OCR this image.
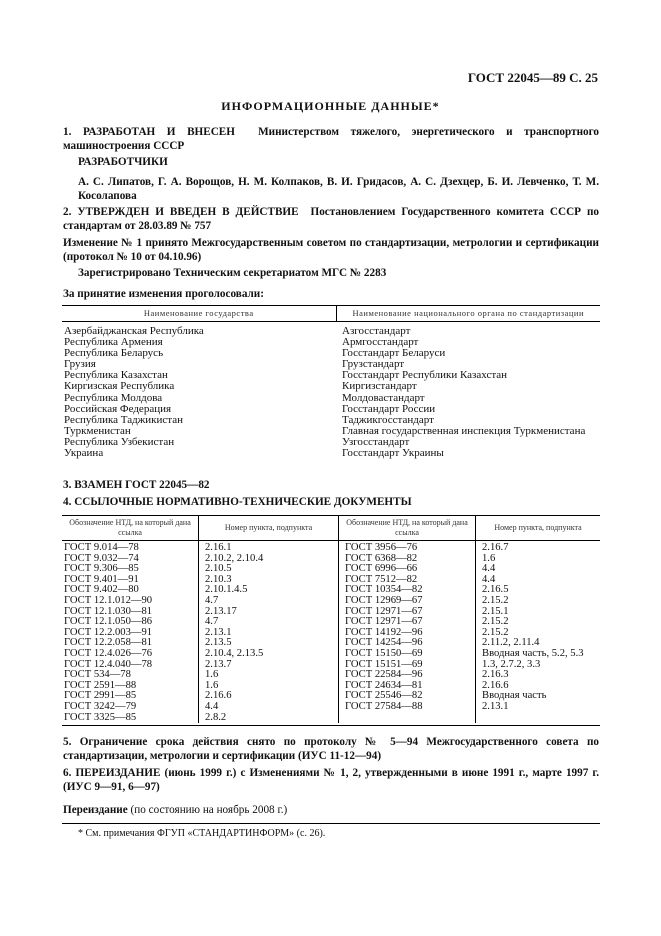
ГОСТ 22045—89 С. 25
ИНФОРМАЦИОННЫЕ ДАННЫЕ*
1. РАЗРАБОТАН И ВНЕСЕН Министерством тяжелого, энергетического и транспортного машиностроения СССР
РАЗРАБОТЧИКИ
А. С. Липатов, Г. А. Ворощов, Н. М. Колпаков, В. И. Гридасов, А. С. Дзехцер, Б. И. Левченко, Т. М. Косолапова
2. УТВЕРЖДЕН И ВВЕДЕН В ДЕЙСТВИЕ Постановлением Государственного комитета СССР по стандартам от 28.03.89 № 757
Изменение № 1 принято Межгосударственным советом по стандартизации, метрологии и сертификации (протокол № 10 от 04.10.96)
Зарегистрировано Техническим секретариатом МГС № 2283
За принятие изменения проголосовали:
Наименование государства	Наименование национального органа по стандартизации
Азербайджанская Республика	Азгосстандарт
Республика Армения	Армгосстандарт
Республика Беларусь	Госстандарт Беларуси
Грузия	Грузстандарт
Республика Казахстан	Госстандарт Республики Казахстан
Киргизская Республика	Киргизстандарт
Республика Молдова	Молдовастандарт
Российская Федерация	Госстандарт России
Республика Таджикистан	Таджикгосстандарт
Туркменистан	Главная государственная инспекция Туркменистана
Республика Узбекистан	Узгосстандарт
Украина	Госстандарт Украины
3. ВЗАМЕН ГОСТ 22045—82
4. ССЫЛОЧНЫЕ НОРМАТИВНО-ТЕХНИЧЕСКИЕ ДОКУМЕНТЫ
Обозначение НТД, на который дана ссылка	Номер пункта, подпункта	Обозначение НТД, на который дана ссылка	Номер пункта, подпункта
ГОСТ 9.014—78	2.16.1	ГОСТ 3956—76	2.16.7
ГОСТ 9.032—74	2.10.2, 2.10.4	ГОСТ 6368—82	1.6
ГОСТ 9.306—85	2.10.5	ГОСТ 6996—66	4.4
ГОСТ 9.401—91	2.10.3	ГОСТ 7512—82	4.4
ГОСТ 9.402—80	2.10.1.4.5	ГОСТ 10354—82	2.16.5
ГОСТ 12.1.012—90	4.7	ГОСТ 12969—67	2.15.2
ГОСТ 12.1.030—81	2.13.17	ГОСТ 12971—67	2.15.1
ГОСТ 12.1.050—86	4.7	ГОСТ 12971—67	2.15.2
ГОСТ 12.2.003—91	2.13.1	ГОСТ 14192—96	2.15.2
ГОСТ 12.2.058—81	2.13.5	ГОСТ 14254—96	2.11.2, 2.11.4
ГОСТ 12.4.026—76	2.10.4, 2.13.5	ГОСТ 15150—69	Вводная часть, 5.2, 5.3
ГОСТ 12.4.040—78	2.13.7	ГОСТ 15151—69	1.3, 2.7.2, 3.3
ГОСТ 534—78	1.6	ГОСТ 22584—96	2.16.3
ГОСТ 2591—88	1.6	ГОСТ 24634—81	2.16.6
ГОСТ 2991—85	2.16.6	ГОСТ 25546—82	Вводная часть
ГОСТ 3242—79	4.4	ГОСТ 27584—88	2.13.1
ГОСТ 3325—85	2.8.2		

5. Ограничение срока действия снято по протоколу № 5—94 Межгосударственного совета по стандартизации, метрологии и сертификации (ИУС 11-12—94)
6. ПЕРЕИЗДАНИЕ (июнь 1999 г.) с Изменениями № 1, 2, утвержденными в июне 1991 г., марте 1997 г. (ИУС 9—91, 6—97)
Переиздание (по состоянию на ноябрь 2008 г.)
* См. примечания ФГУП «СТАНДАРТИНФОРМ» (с. 26).
